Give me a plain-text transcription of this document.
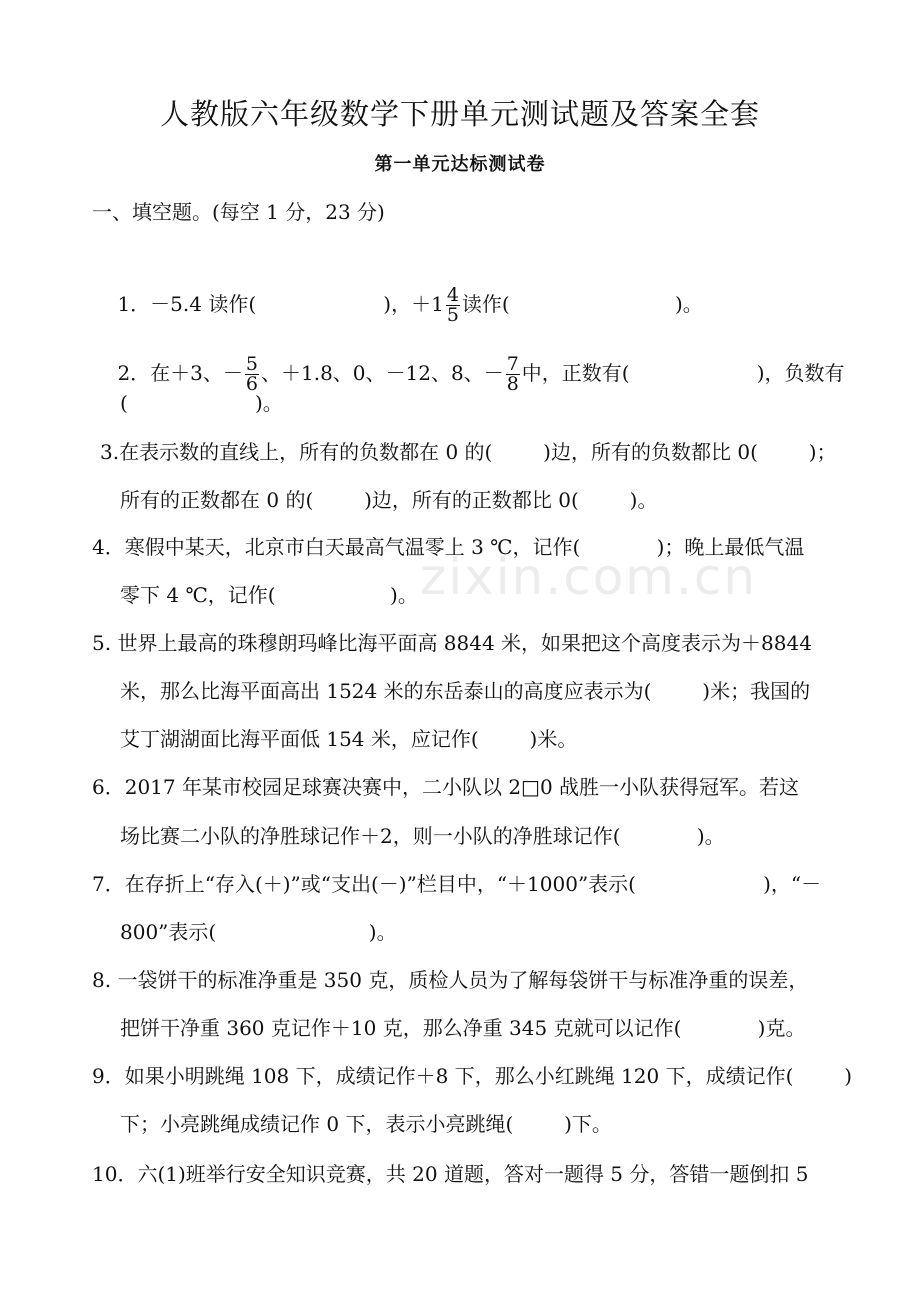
zixin.com.cn
人教版六年级数学下册单元测试题及答案全套
第一单元达标测试卷
一、填空题。(每空 1 分，23 分)

1．－5.4 读作(                    )，$+1 \frac{4}{5}$ 读作(                          )。

2．在＋3、－ $\frac{5}{6}$ 、＋1.8、0、－12、8、－ $\frac{7}{8}$ 中，正数有(                    )，负数有

(                    )。
3.在表示数的直线上，所有的负数都在 0 的(        )边，所有的负数都比 0(        )；
所有的正数都在 0 的(        )边，所有的正数都比 0(        )。
4．寒假中某天，北京市白天最高气温零上 3 ℃，记作(            )；晚上最低气温
零下 4 ℃，记作(                  )。
5. 世界上最高的珠穆朗玛峰比海平面高 8844 米，如果把这个高度表示为＋8844
米，那么比海平面高出 1524 米的东岳泰山的高度应表示为(        )米；我国的
艾丁湖湖面比海平面低 154 米，应记作(        )米。
6．2017 年某市校园足球赛决赛中，二小队以 2□0 战胜一小队获得冠军。若这
场比赛二小队的净胜球记作＋2，则一小队的净胜球记作(            )。
7．在存折上“存入(＋)”或“支出(－)”栏目中，“＋1000”表示(                    )，“－
800”表示(                        )。
8. 一袋饼干的标准净重是 350 克，质检人员为了解每袋饼干与标准净重的误差，
把饼干净重 360 克记作＋10 克，那么净重 345 克就可以记作(            )克。
9．如果小明跳绳 108 下，成绩记作＋8 下，那么小红跳绳 120 下，成绩记作(        )
下；小亮跳绳成绩记作 0 下，表示小亮跳绳(        )下。
10．六(1)班举行安全知识竞赛，共 20 道题，答对一题得 5 分，答错一题倒扣 5
